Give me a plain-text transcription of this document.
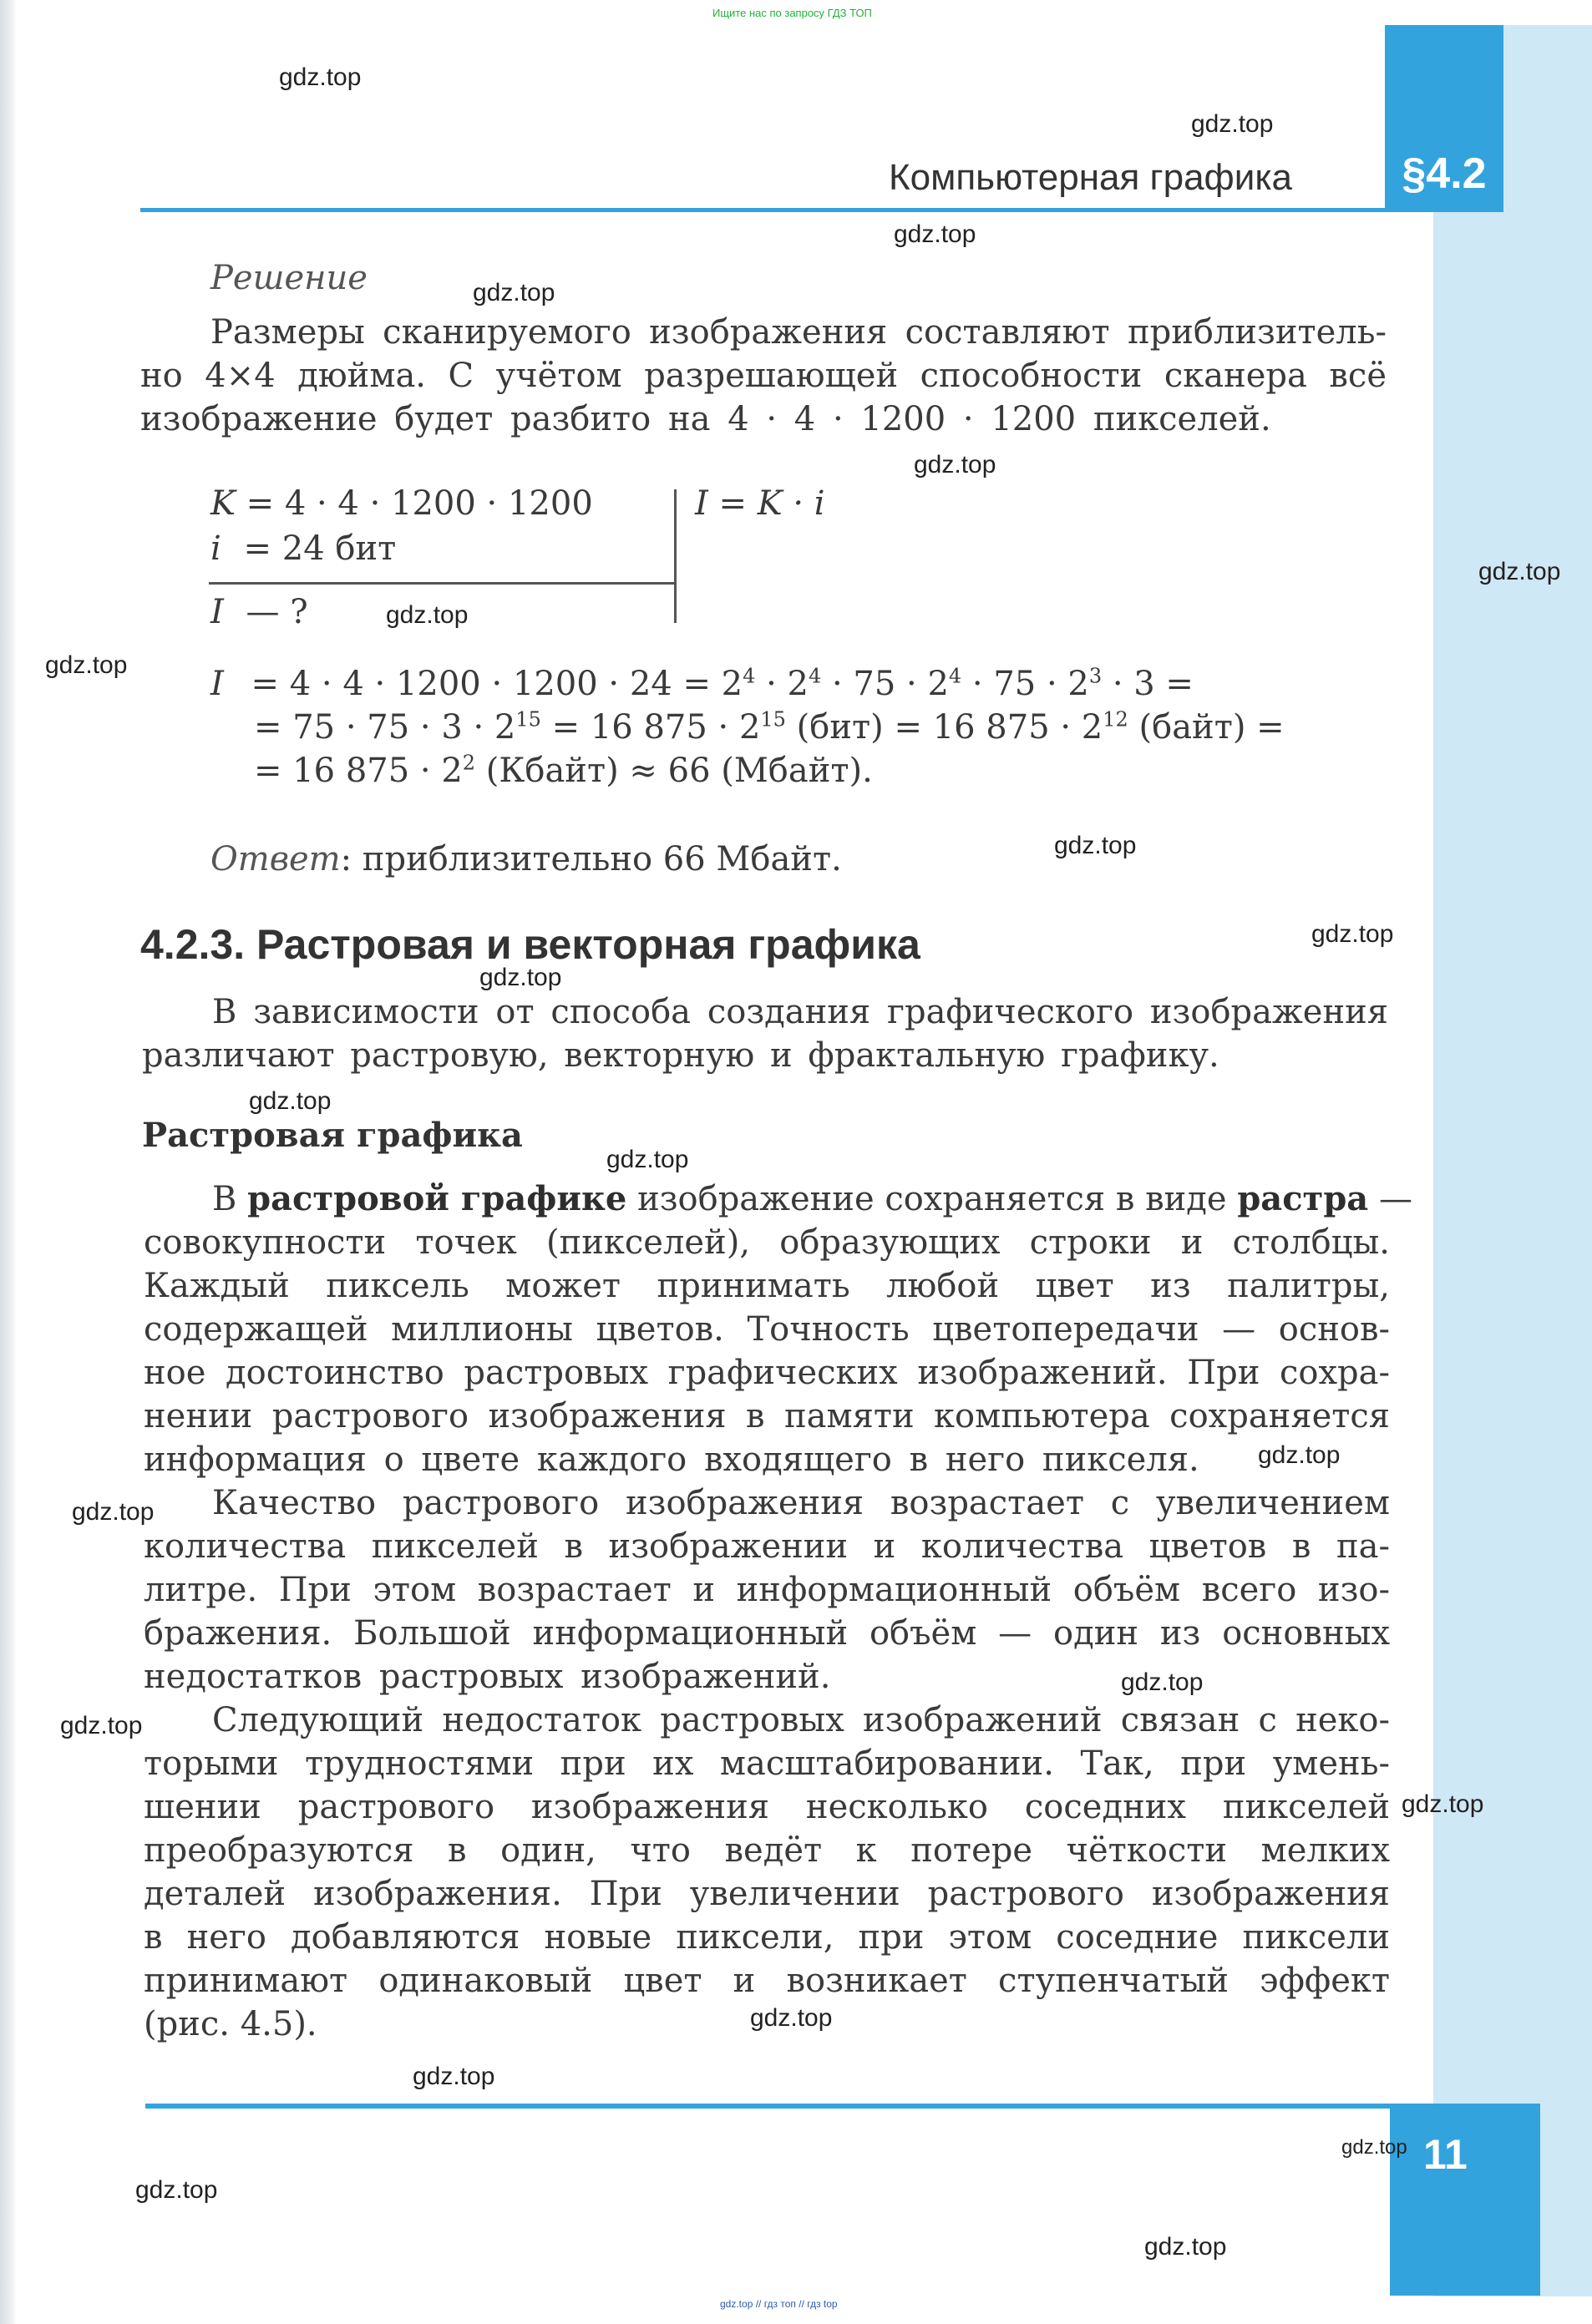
Ищите нас по запросу ГДЗ ТОП
§4.2
Компьютерная графика
Решение
Размеры сканируемого изображения составляют приблизитель-
но 4×4 дюйма. С учётом разрешающей способности сканера всё
изображение будет разбито на 4 · 4 · 1200 · 1200 пикселей.
K = 4 · 4 · 1200 · 1200
i = 24 бит
I — ?
I = K · i
$I = 4 \cdot 4 \cdot 1200 \cdot 1200 \cdot 24 = 2^4 \cdot 2^4 \cdot 75 \cdot 2^4 \cdot 75 \cdot 2^3 \cdot 3$ =
= $75 \cdot 75 \cdot 3 \cdot 2^{15} = 16$ $875 \cdot 2^{15}$ (бит) = 16 $875 \cdot 2^{12}$ (байт) =
= 16 $875 \cdot 2^2$ (Кбайт) ≈ 66 (Мбайт).
Ответ: приблизительно 66 Мбайт.
4.2.3. Растровая и векторная графика
В зависимости от способа создания графического изображения
различают растровую, векторную и фрактальную графику.
Растровая графика
В растровой графике изображение сохраняется в виде растра —
совокупности точек (пикселей), образующих строки и столбцы.
Каждый пиксель может принимать любой цвет из палитры,
содержащей миллионы цветов. Точность цветопередачи — основ-
ное достоинство растровых графических изображений. При сохра-
нении растрового изображения в памяти компьютера сохраняется
информация о цвете каждого входящего в него пикселя.
Качество растрового изображения возрастает с увеличением
количества пикселей в изображении и количества цветов в па-
литре. При этом возрастает и информационный объём всего изо-
бражения. Большой информационный объём — один из основных
недостатков растровых изображений.
Следующий недостаток растровых изображений связан с неко-
торыми трудностями при их масштабировании. Так, при умень-
шении растрового изображения несколько соседних пикселей
преобразуются в один, что ведёт к потере чёткости мелких
деталей изображения. При увеличении растрового изображения
в него добавляются новые пиксели, при этом соседние пиксели
принимают одинаковый цвет и возникает ступенчатый эффект
(рис. 4.5).
11
gdz.top
gdz.top
gdz.top
gdz.top
gdz.top
gdz.top
gdz.top
gdz.top
gdz.top
gdz.top
gdz.top
gdz.top
gdz.top
gdz.top
gdz.top
gdz.top
gdz.top
gdz.top
gdz.top
gdz.top
gdz.top
gdz.top
gdz.top
gdz.top // гдз топ // гдз top
